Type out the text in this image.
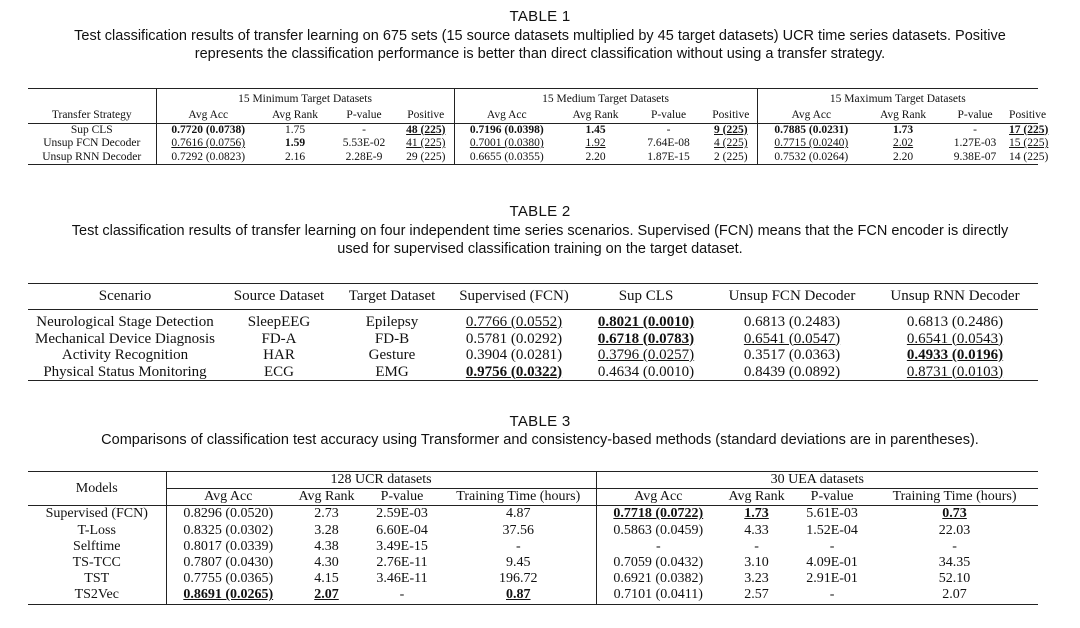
TABLE 1
Test classification results of transfer learning on 675 sets (15 source datasets multiplied by 45 target datasets) UCR time series datasets. Positive
represents the classification performance is better than direct classification without using a transfer strategy.
	15 Minimum Target Datasets				15 Medium Target Datasets				15 Maximum Target Datasets			
Transfer Strategy	Avg Acc	Avg Rank	P-value	Positive	Avg Acc	Avg Rank	P-value	Positive	Avg Acc	Avg Rank	P-value	Positive
Sup CLS	0.7720 (0.0738)	1.75	-	48 (225)	0.7196 (0.0398)	1.45	-	9 (225)	0.7885 (0.0231)	1.73	-	17 (225)
Unsup FCN Decoder	0.7616 (0.0756)	1.59	5.53E-02	41 (225)	0.7001 (0.0380)	1.92	7.64E-08	4 (225)	0.7715 (0.0240)	2.02	1.27E-03	15 (225)
Unsup RNN Decoder	0.7292 (0.0823)	2.16	2.28E-9	29 (225)	0.6655 (0.0355)	2.20	1.87E-15	2 (225)	0.7532 (0.0264)	2.20	9.38E-07	14 (225)
TABLE 2
Test classification results of transfer learning on four independent time series scenarios. Supervised (FCN) means that the FCN encoder is directly
used for supervised classification training on the target dataset.
Scenario	Source Dataset	Target Dataset	Supervised (FCN)	Sup CLS	Unsup FCN Decoder	Unsup RNN Decoder

Neurological Stage Detection	SleepEEG	Epilepsy	0.7766 (0.0552)	0.8021 (0.0010)	0.6813 (0.2483)	0.6813 (0.2486)
Mechanical Device Diagnosis	FD-A	FD-B	0.5781 (0.0292)	0.6718 (0.0783)	0.6541 (0.0547)	0.6541 (0.0543)
Activity Recognition	HAR	Gesture	0.3904 (0.0281)	0.3796 (0.0257)	0.3517 (0.0363)	0.4933 (0.0196)
Physical Status Monitoring	ECG	EMG	0.9756 (0.0322)	0.4634 (0.0010)	0.8439 (0.0892)	0.8731 (0.0103)
TABLE 3
Comparisons of classification test accuracy using Transformer and consistency-based methods (standard deviations are in parentheses).
Models	128 UCR datasets				30 UEA datasets			
	Avg Acc	Avg Rank	P-value	Training Time (hours)	Avg Acc	Avg Rank	P-value	Training Time (hours)
Supervised (FCN)	0.8296 (0.0520)	2.73	2.59E-03	4.87	0.7718 (0.0722)	1.73	5.61E-03	0.73
T-Loss	0.8325 (0.0302)	3.28	6.60E-04	37.56	0.5863 (0.0459)	4.33	1.52E-04	22.03
Selftime	0.8017 (0.0339)	4.38	3.49E-15	-	-	-	-	-
TS-TCC	0.7807 (0.0430)	4.30	2.76E-11	9.45	0.7059 (0.0432)	3.10	4.09E-01	34.35
TST	0.7755 (0.0365)	4.15	3.46E-11	196.72	0.6921 (0.0382)	3.23	2.91E-01	52.10
TS2Vec	0.8691 (0.0265)	2.07	-	0.87	0.7101 (0.0411)	2.57	-	2.07
